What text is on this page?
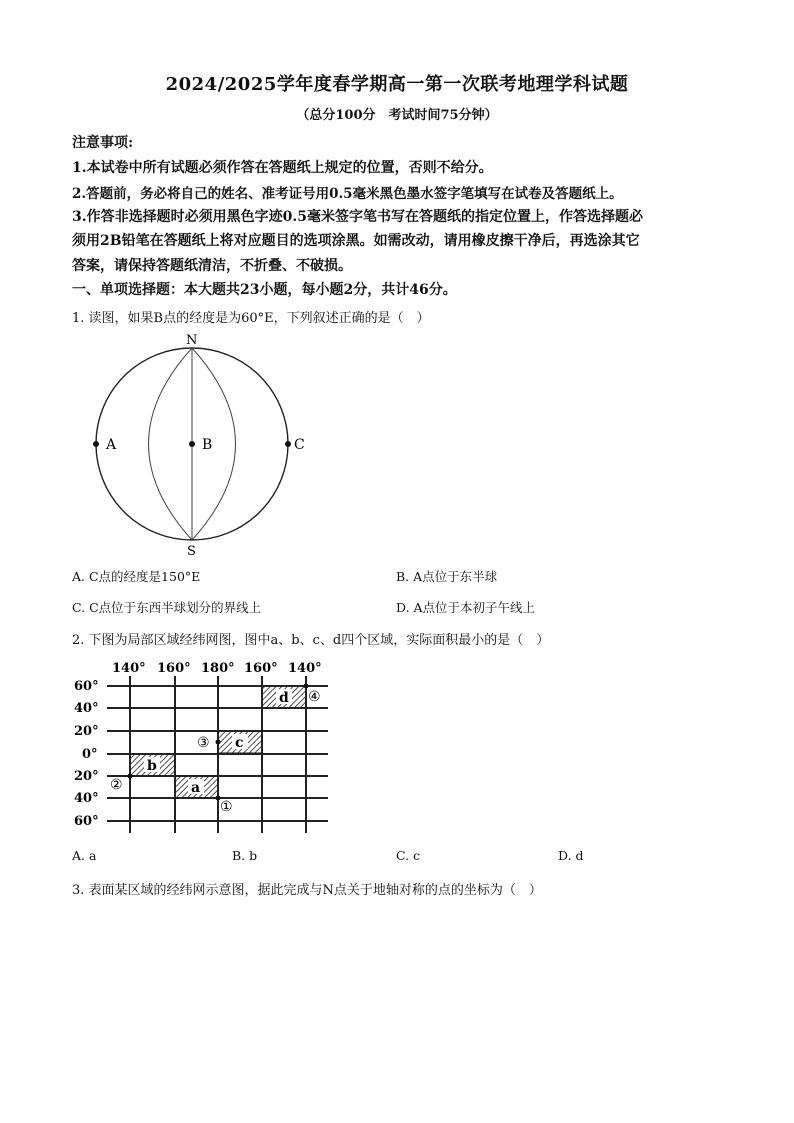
2024/2025学年度春学期高一第一次联考地理学科试题
（总分100分　考试时间75分钟）
注意事项:
1.本试卷中所有试题必须作答在答题纸上规定的位置，否则不给分。
2.答题前，务必将自己的姓名、准考证号用0.5毫米黑色墨水签字笔填写在试卷及答题纸上。
3.作答非选择题时必须用黑色字迹0.5毫米签字笔书写在答题纸的指定位置上，作答选择题必
须用2B铅笔在答题纸上将对应题目的选项涂黑。如需改动，请用橡皮擦干净后，再选涂其它
答案，请保持答题纸清洁，不折叠、不破损。
一、单项选择题：本大题共23小题，每小题2分，共计46分。
1. 读图，如果B点的经度是为60°E，下列叙述正确的是（　）
N
S
A	B	C
A. C点的经度是150°E	B. A点位于东半球
C. C点位于东西半球划分的界线上	D. A点位于本初子午线上
2. 下图为局部区域经纬网图，图中a、b、c、d四个区域，实际面积最小的是（　）
140° 160° 180° 160° 140°
60°
40°
20°
0°
20°
40°
60°
d
c
b
a
①
②
③
④
A. a	B. b	C. c	D. d
3. 表面某区域的经纬网示意图，据此完成与N点关于地轴对称的点的坐标为（　）
